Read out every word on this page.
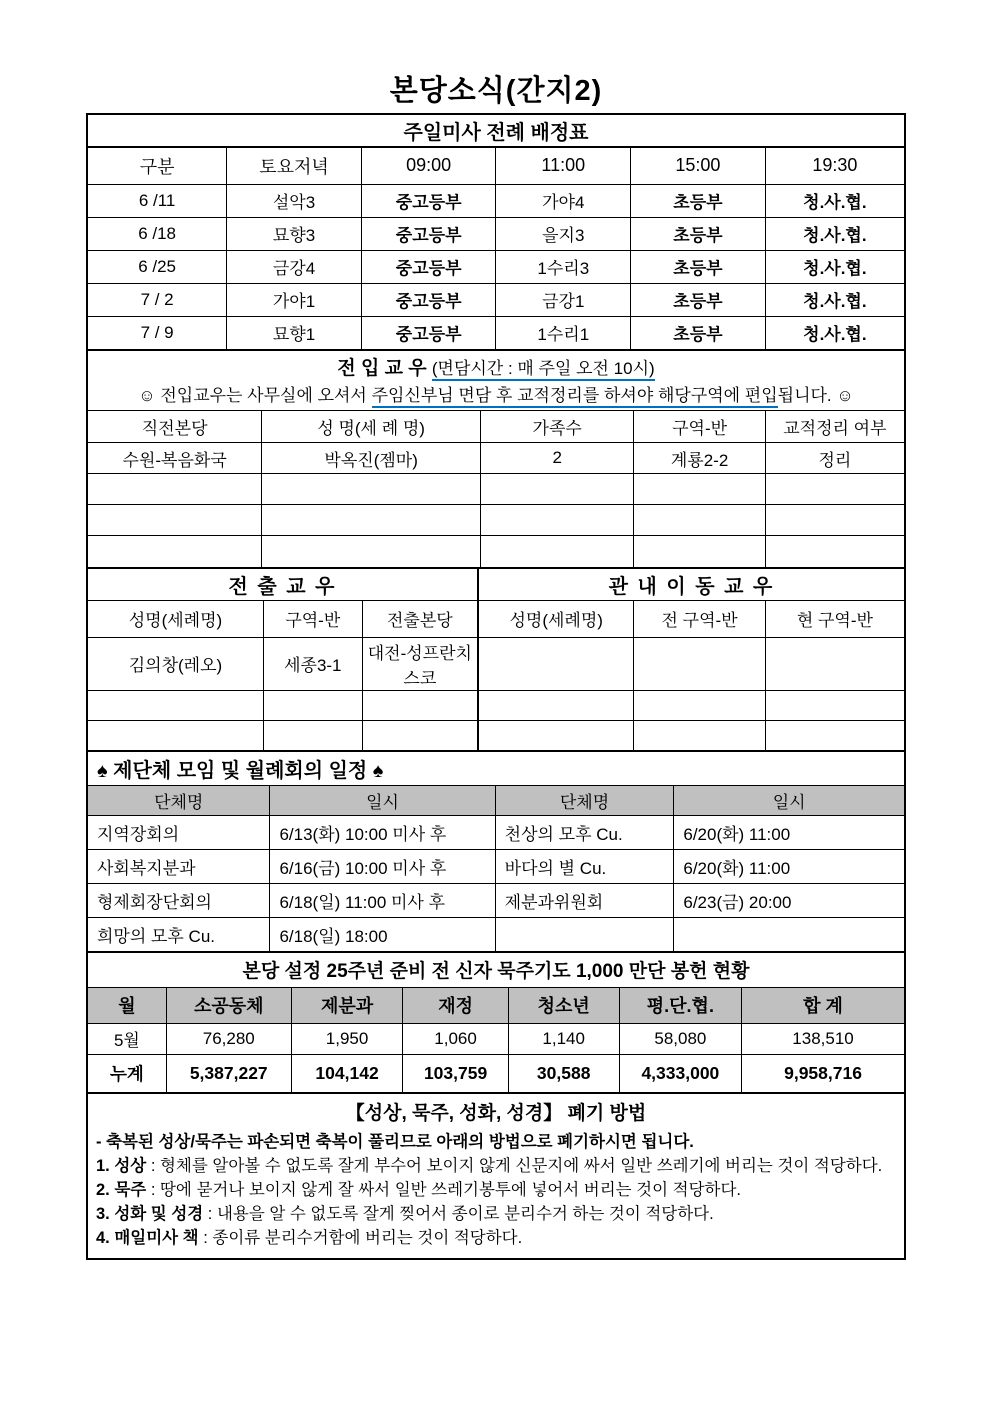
본당소식(간지2)
주일미사 전례 배정표					
구분	토요저녁	09:00	11:00	15:00	19:30
6 /11	설악3	중고등부	가야4	초등부	청.사.협.
6 /18	묘향3	중고등부	을지3	초등부	청.사.협.
6 /25	금강4	중고등부	1수리3	초등부	청.사.협.
7 / 2	가야1	중고등부	금강1	초등부	청.사.협.
7 / 9	묘향1	중고등부	1수리1	초등부	청.사.협.
전 입 교 우 (면담시간 : 매 주일 오전 10시)
☺ 전입교우는 사무실에 오셔서 주임신부님 면담 후 교적정리를 하셔야 해당구역에 편입됩니다. ☺
직전본당	성 명(세 례 명)	가족수	구역-반	교적정리 여부
수원-복음화국	박옥진(젬마)	2	계룡2-2	정리

전 출 교 우			관 내 이 동 교 우		
성명(세례명)	구역-반	전출본당	성명(세례명)	전 구역-반	현 구역-반
김의창(레오)	세종3-1	대전-성프란치스코			

♠ 제단체 모임 및 월례회의 일정 ♠			
단체명	일시	단체명	일시
지역장회의	6/13(화) 10:00 미사 후	천상의 모후 Cu.	6/20(화) 11:00
사회복지분과	6/16(금) 10:00 미사 후	바다의 별 Cu.	6/20(화) 11:00
형제회장단회의	6/18(일) 11:00 미사 후	제분과위원회	6/23(금) 20:00
희망의 모후 Cu.	6/18(일) 18:00		
본당 설정 25주년 준비 전 신자 묵주기도 1,000 만단 봉헌 현황						
월	소공동체	제분과	재정	청소년	평.단.협.	합 계
5월	76,280	1,950	1,060	1,140	58,080	138,510
누계	5,387,227	104,142	103,759	30,588	4,333,000	9,958,716
【성상, 묵주, 성화, 성경】 폐기 방법
- 축복된 성상/묵주는 파손되면 축복이 풀리므로 아래의 방법으로 폐기하시면 됩니다.
1. 성상 : 형체를 알아볼 수 없도록 잘게 부수어 보이지 않게 신문지에 싸서 일반 쓰레기에 버리는 것이 적당하다.
2. 묵주 : 땅에 묻거나 보이지 않게 잘 싸서 일반 쓰레기봉투에 넣어서 버리는 것이 적당하다.
3. 성화 및 성경 : 내용을 알 수 없도록 잘게 찢어서 종이로 분리수거 하는 것이 적당하다.
4. 매일미사 책 : 종이류 분리수거함에 버리는 것이 적당하다.
